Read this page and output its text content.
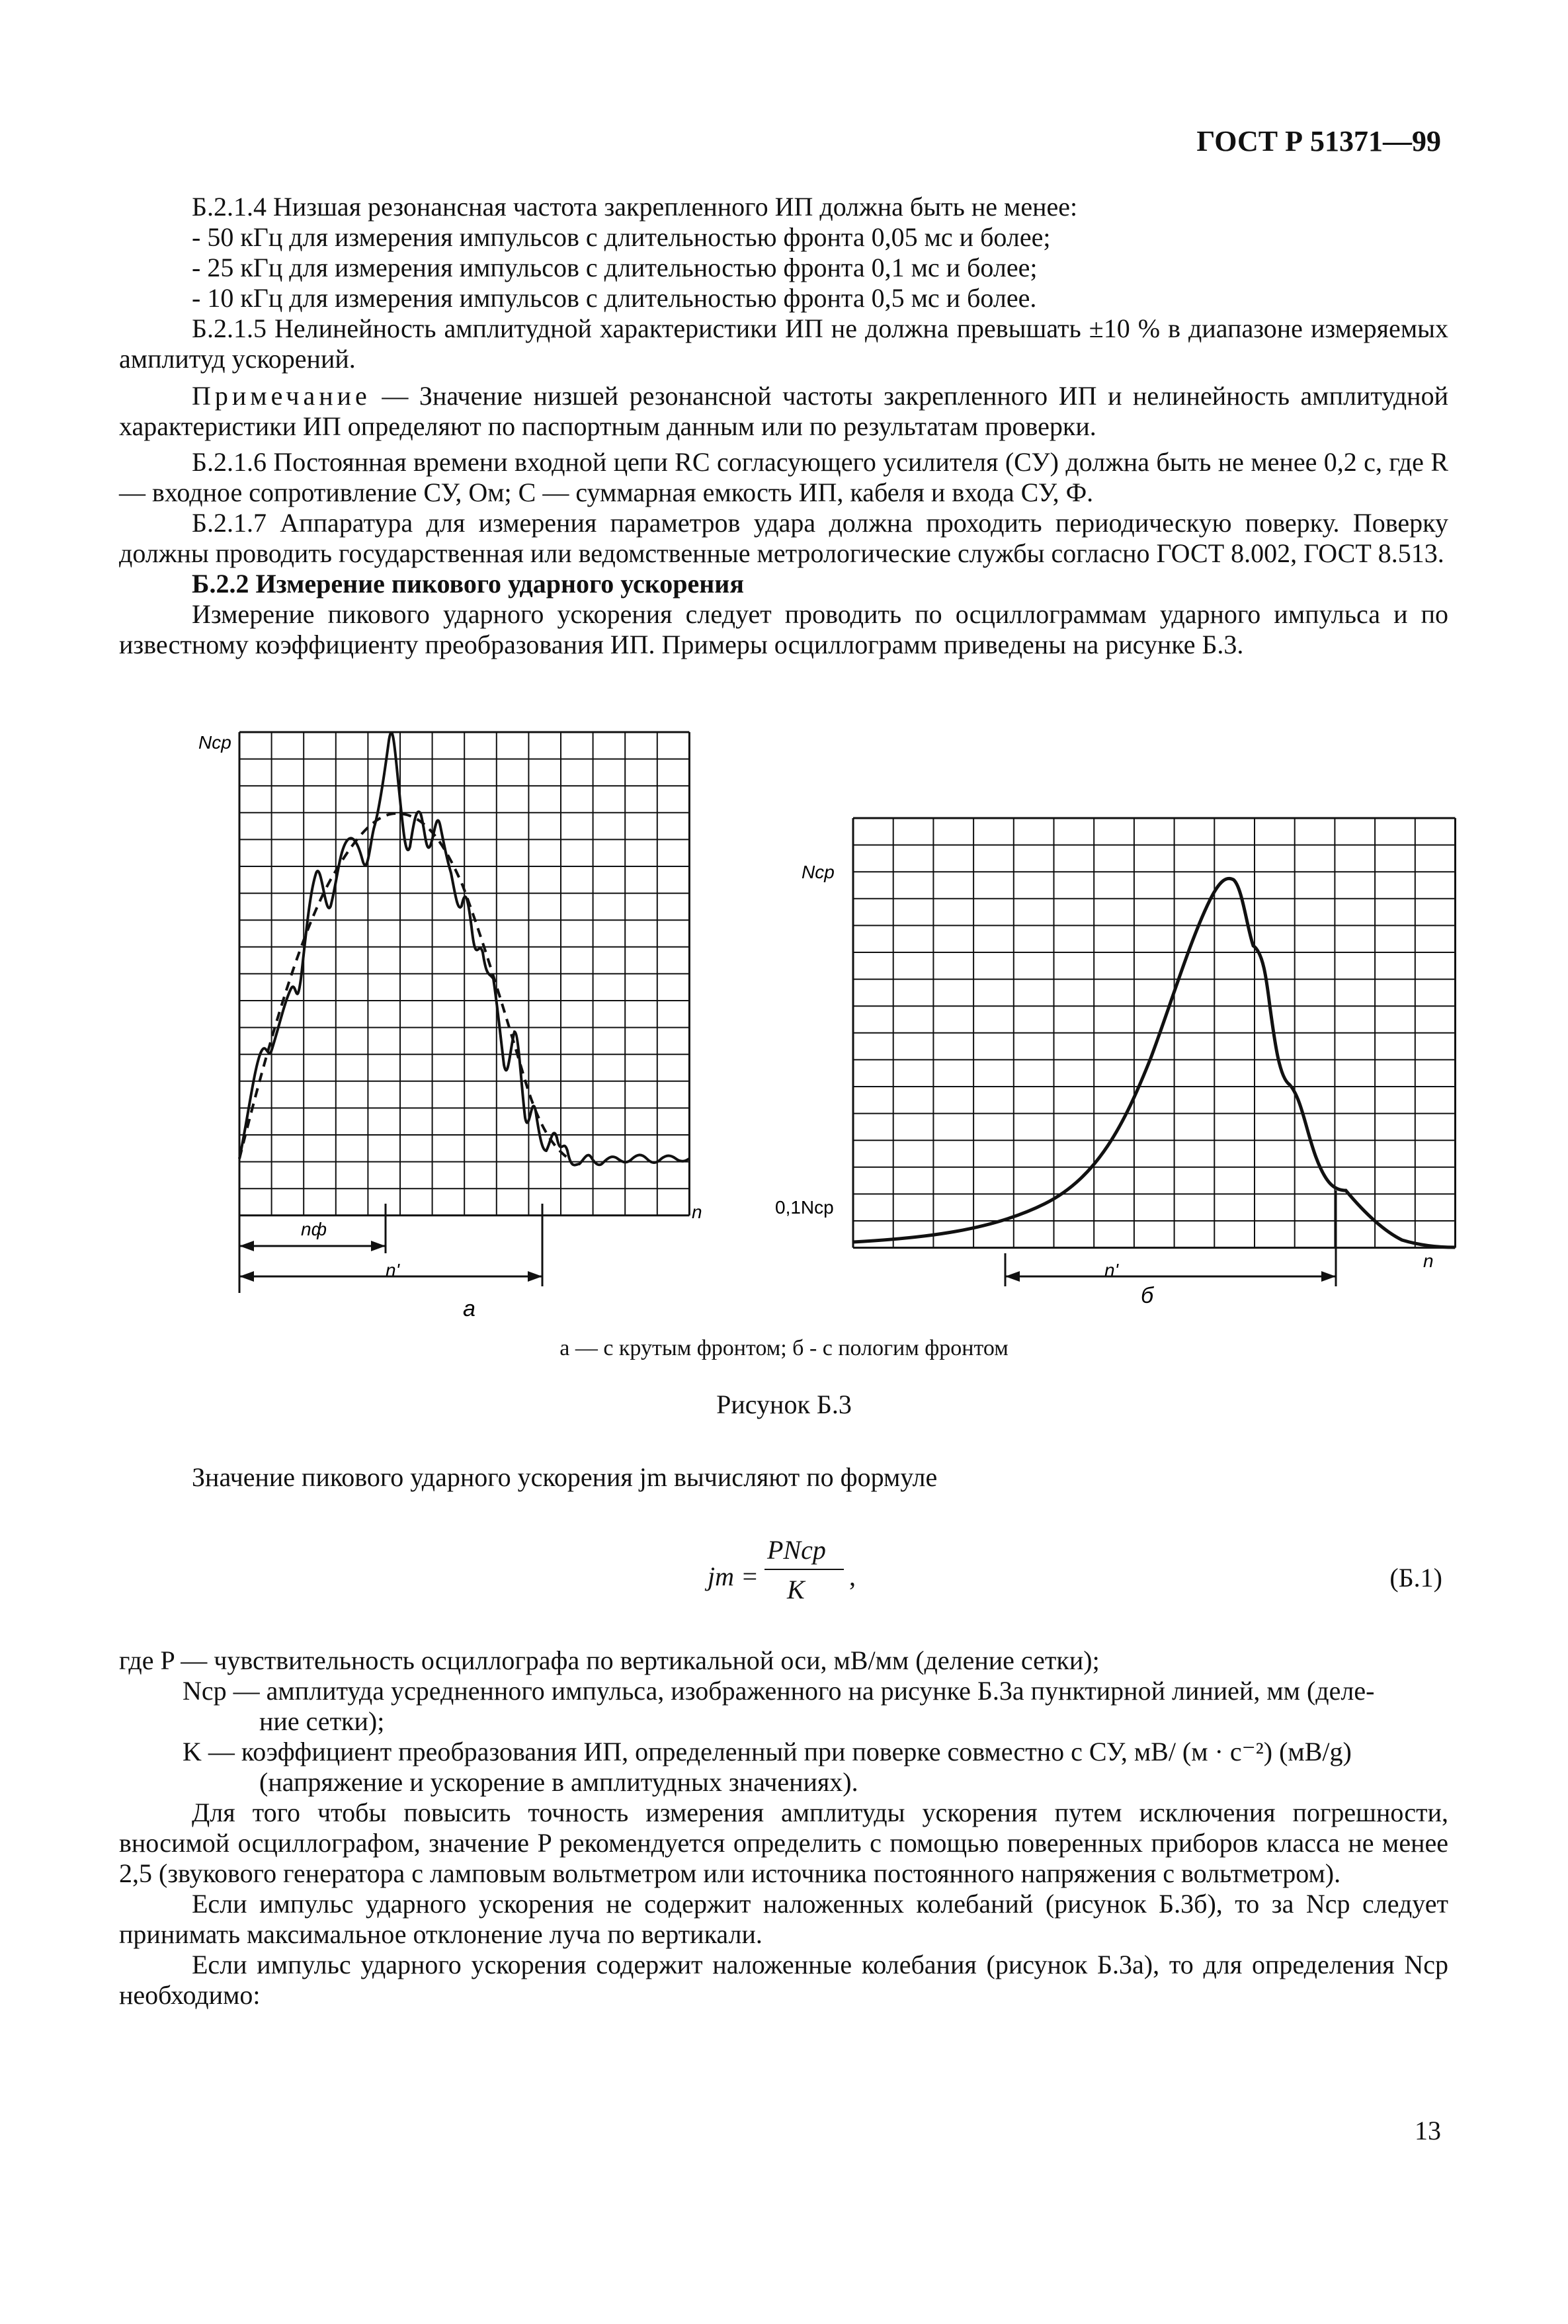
ГОСТ Р 51371—99

Б.2.1.4 Низшая резонансная частота закрепленного ИП должна быть не менее:

- 50 кГц для измерения импульсов с длительностью фронта 0,05 мс и более;

- 25 кГц для измерения импульсов с длительностью фронта 0,1 мс и более;

- 10 кГц для измерения импульсов с длительностью фронта 0,5 мс и более.

Б.2.1.5 Нелинейность амплитудной характеристики ИП не должна превышать ±10 % в диапазоне измеряемых амплитуд ускорений.

Примечание — Значение низшей резонансной частоты закрепленного ИП и нелинейность амплитудной характеристики ИП определяют по паспортным данным или по результатам проверки.

Б.2.1.6 Постоянная времени входной цепи RC согласующего усилителя (СУ) должна быть не менее 0,2 с, где R — входное сопротивление СУ, Ом; С — суммарная емкость ИП, кабеля и входа СУ, Ф.

Б.2.1.7 Аппаратура для измерения параметров удара должна проходить периодическую поверку. Поверку должны проводить государственная или ведомственные метрологические службы согласно ГОСТ 8.002, ГОСТ 8.513.

Б.2.2 Измерение пикового ударного ускорения

Измерение пикового ударного ускорения следует проводить по осциллограммам ударного импульса и по известному коэффициенту преобразования ИП. Примеры осциллограмм приведены на рисунке Б.3.

Nср
n
nф
n'
а
Nср
0,1Nср
n
n'
б
а — с крутым фронтом; б - с пологим фронтом
Рисунок Б.3
Значение пикового ударного ускорения jm вычисляют по формуле
jm =
PNср
K ,	(Б.1)

где P — чувствительность осциллографа по вертикальной оси, мВ/мм (деление сетки);

Nср — амплитуда усредненного импульса, изображенного на рисунке Б.3а пунктирной линией, мм (деле-

ние сетки);

K — коэффициент преобразования ИП, определенный при поверке совместно с СУ, мВ/ (м · с⁻²) (мВ/g)

(напряжение и ускорение в амплитудных значениях).

Для того чтобы повысить точность измерения амплитуды ускорения путем исключения погрешности, вносимой осциллографом, значение P рекомендуется определить с помощью поверенных приборов класса не менее 2,5 (звукового генератора с ламповым вольтметром или источника постоянного напряжения с вольтметром).

Если импульс ударного ускорения не содержит наложенных колебаний (рисунок Б.3б), то за Nср следует принимать максимальное отклонение луча по вертикали.

Если импульс ударного ускорения содержит наложенные колебания (рисунок Б.3а), то для определения Nср необходимо:

13
